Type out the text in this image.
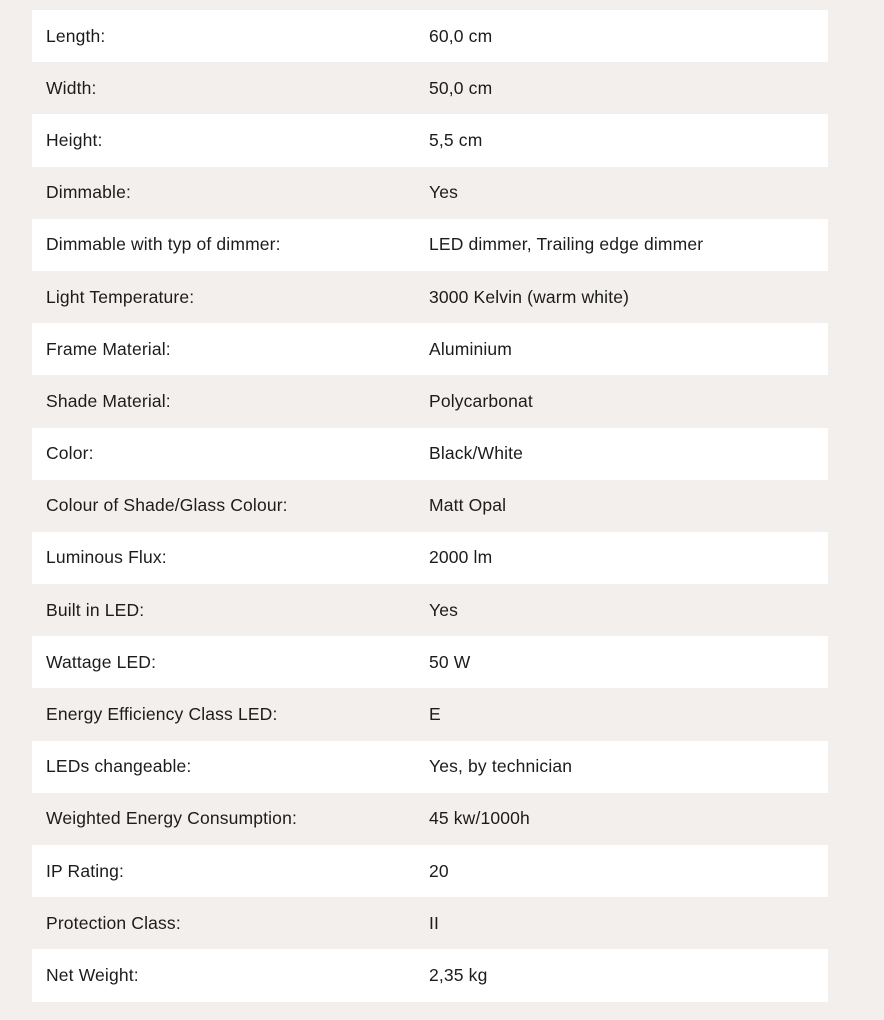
Length:	60,0 cm
Width:	50,0 cm
Height:	5,5 cm
Dimmable:	Yes
Dimmable with typ of dimmer:	LED dimmer, Trailing edge dimmer
Light Temperature:	3000 Kelvin (warm white)
Frame Material:	Aluminium
Shade Material:	Polycarbonat
Color:	Black/White
Colour of Shade/Glass Colour:	Matt Opal
Luminous Flux:	2000 lm
Built in LED:	Yes
Wattage LED:	50 W
Energy Efficiency Class LED:	E
LEDs changeable:	Yes, by technician
Weighted Energy Consumption:	45 kw/1000h
IP Rating:	20
Protection Class:	II
Net Weight:	2,35 kg
